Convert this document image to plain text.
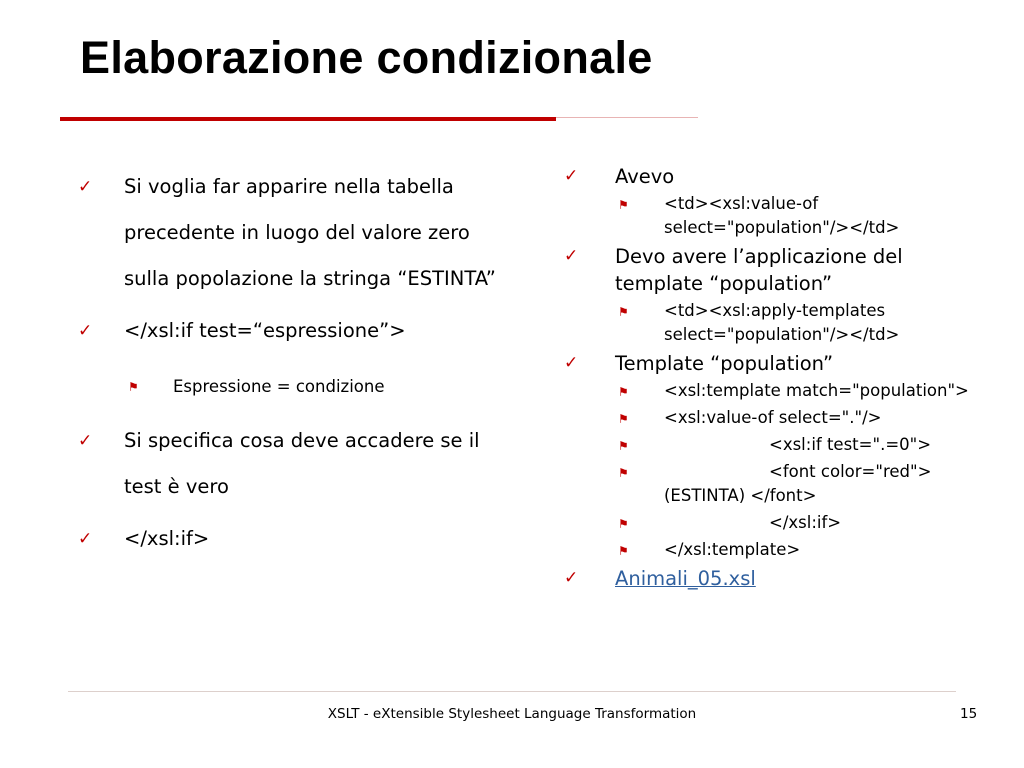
Elaborazione condizionale
✓ Si voglia far apparire nella tabella precedente in luogo del valore zero sulla popolazione la stringa “ESTINTA”
✓ </xsl:if test=“espressione”>
⚑ Espressione = condizione
✓ Si specifica cosa deve accadere se il test è vero
✓ </xsl:if>
✓ Avevo
⚑ <td><xsl:value-of select="population"/></td>
✓ Devo avere l’applicazione del template “population”
⚑ <td><xsl:apply-templates select="population"/></td>
✓ Template “population”
⚑ <xsl:template match="population">
⚑ <xsl:value-of select="."/>
⚑	<xsl:if test=".=0">
⚑	<font color="red">
(ESTINTA) </font>
⚑	</xsl:if>
⚑ </xsl:template>
✓ Animali_05.xsl
XSLT - eXtensible Stylesheet Language Transformation	15
